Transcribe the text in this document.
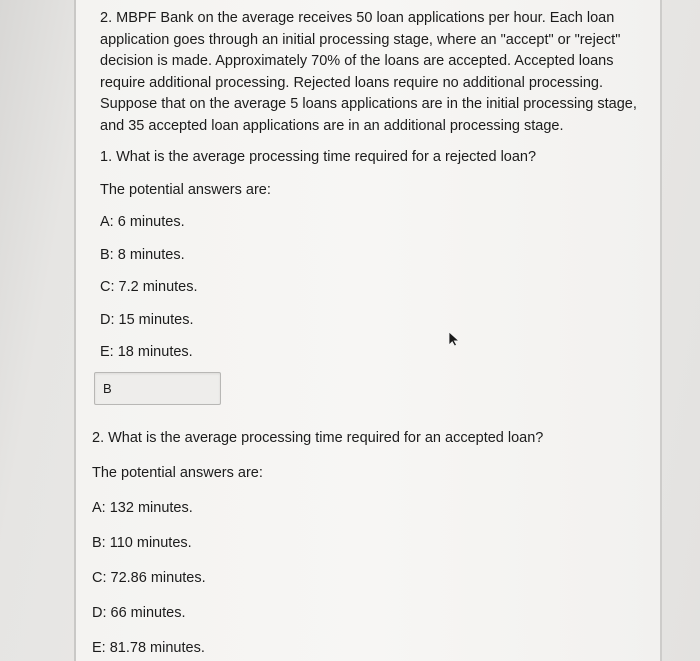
2. MBPF Bank on the average receives 50 loan applications per hour. Each loan
application goes through an initial processing stage, where an "accept" or "reject"
decision is made. Approximately 70% of the loans are accepted. Accepted loans
require additional processing. Rejected loans require no additional processing.
Suppose that on the average 5 loans applications are in the initial processing stage,
and 35 accepted loan applications are in an additional processing stage.
1. What is the average processing time required for a rejected loan?
The potential answers are:
A: 6 minutes.
B: 8 minutes.
C: 7.2 minutes.
D: 15 minutes.
E: 18 minutes.
B
2. What is the average processing time required for an accepted loan?
The potential answers are:
A: 132 minutes.
B: 110 minutes.
C: 72.86 minutes.
D: 66 minutes.
E: 81.78 minutes.
